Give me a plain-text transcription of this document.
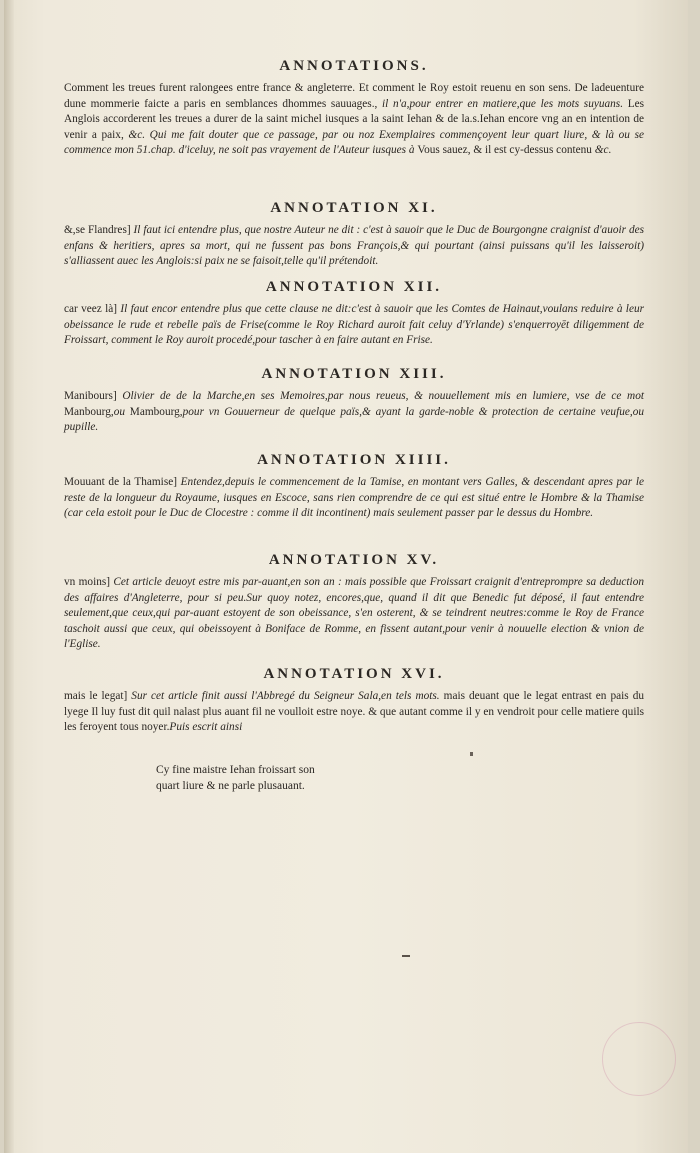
ANNOTATIONS.

Comment les treues furent ralongees entre france & angleterre. Et comment le Roy estoit reuenu en son sens. De ladeuenture dune mommerie faicte a paris en semblances dhommes sauuages., il n'a,pour entrer en matiere,que les mots suyuans. Les Anglois accorderent les treues a durer de la saint michel iusques a la saint Iehan & de la.s.Iehan encore vng an en intention de venir a paix, &c. Qui me fait douter que ce passage, par ou noz Exemplaires commençoyent leur quart liure, & là ou se commence mon 51.chap. d'iceluy, ne soit pas vrayement de l'Auteur iusques à Vous sauez, & il est cy-dessus contenu &c.

ANNOTATION XI.

&,se Flandres] Il faut ici entendre plus, que nostre Auteur ne dit : c'est à sauoir que le Duc de Bourgongne craignist d'auoir des enfans & heritiers, apres sa mort, qui ne fussent pas bons François,& qui pourtant (ainsi puissans qu'il les laisseroit) s'alliassent auec les Anglois:si paix ne se faisoit,telle qu'il prétendoit.

ANNOTATION XII.

car veez là] Il faut encor entendre plus que cette clause ne dit:c'est à sauoir que les Comtes de Hainaut,voulans reduire à leur obeissance le rude et rebelle païs de Frise(comme le Roy Richard auroit fait celuy d'Yrlande) s'enquerroyēt diligemment de Froissart, comment le Roy auroit procedé,pour tascher à en faire autant en Frise.

ANNOTATION XIII.

Manibours] Olivier de de la Marche,en ses Memoires,par nous reueus, & nouuellement mis en lumiere, vse de ce mot Manbourg,ou Mambourg,pour vn Gouuerneur de quelque païs,& ayant la garde-noble & protection de certaine veufue,ou pupille.

ANNOTATION XIIII.

Mouuant de la Thamise] Entendez,depuis le commencement de la Tamise, en montant vers Galles, & descendant apres par le reste de la longueur du Royaume, iusques en Escoce, sans rien comprendre de ce qui est situé entre le Hombre & la Thamise (car cela estoit pour le Duc de Clocestre : comme il dit incontinent) mais seulement passer par le dessus du Hombre.

ANNOTATION XV.

vn moins] Cet article deuoyt estre mis par-auant,en son an : mais possible que Froissart craignit d'entreprompre sa deduction des affaires d'Angleterre, pour si peu.Sur quoy notez, encores,que, quand il dit que Benedic fut déposé, il faut entendre seulement,que ceux,qui par-auant estoyent de son obeissance, s'en osterent, & se teindrent neutres:comme le Roy de France taschoit aussi que ceux, qui obeissoyent à Boniface de Romme, en fissent autant,pour venir à nouuelle election & vnion de l'Eglise.

ANNOTATION XVI.

mais le legat] Sur cet article finit aussi l'Abbregé du Seigneur Sala,en tels mots. mais deuant que le legat entrast en pais du lyege Il luy fust dit quil nalast plus auant fil ne voulloit estre noye. & que autant comme il y en vendroit pour celle matiere quils les feroyent tous noyer.Puis escrit ainsi

Cy fine maistre Iehan froissart son
quart liure & ne parle plusauant.
